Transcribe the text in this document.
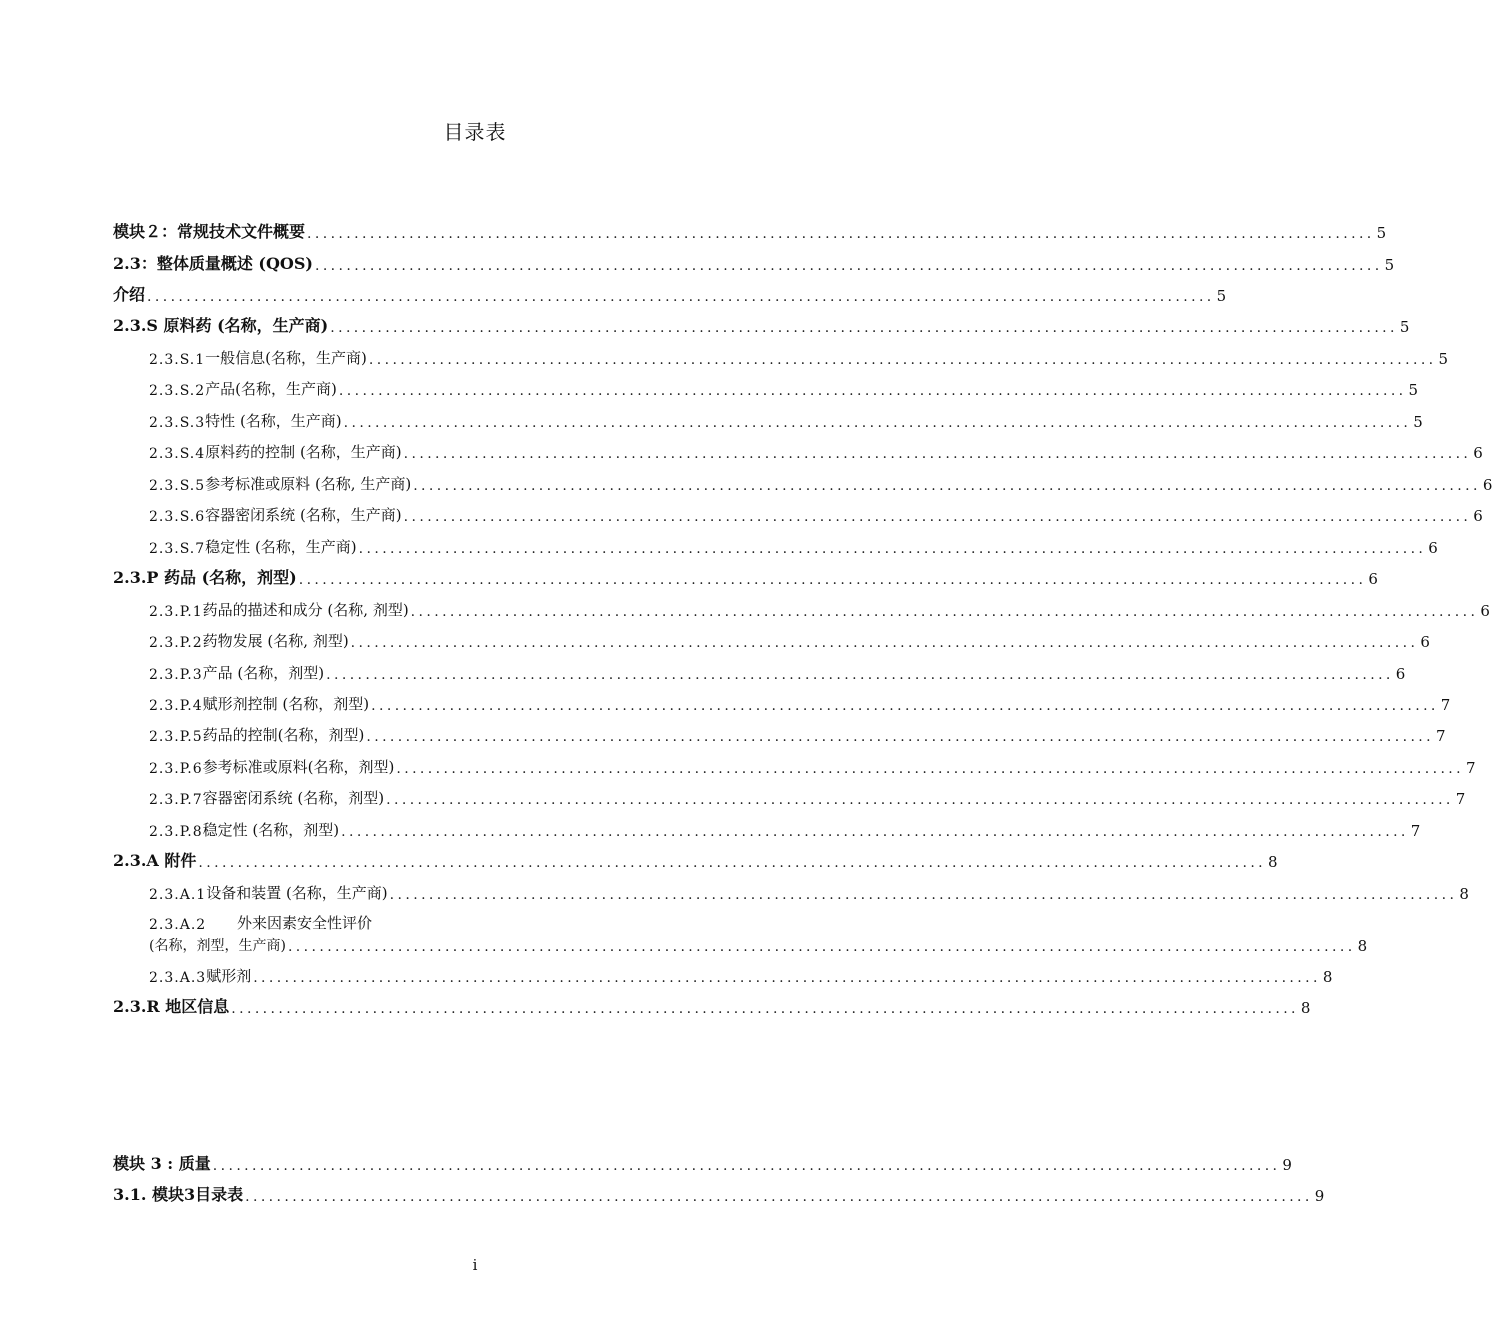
目录表
模块２：常规技术文件概要 ........................................................................................................................................ 5
2.3：整体质量概述 (QOS) ........................................................................................................................................ 5
介绍 ........................................................................................................................................ 5
2.3.S 原料药 (名称，生产商) ........................................................................................................................................ 5
2.3.S.1 一般信息(名称，生产商) ........................................................................................................................................ 5
2.3.S.2 产品(名称，生产商) ........................................................................................................................................ 5
2.3.S.3 特性 (名称，生产商) ........................................................................................................................................ 5
2.3.S.4 原料药的控制 (名称，生产商) ........................................................................................................................................ 6
2.3.S.5 参考标准或原料 (名称, 生产商) ........................................................................................................................................ 6
2.3.S.6 容器密闭系统 (名称，生产商) ........................................................................................................................................ 6
2.3.S.7 稳定性 (名称，生产商) ........................................................................................................................................ 6
2.3.P 药品 (名称，剂型) ........................................................................................................................................ 6
2.3.P.1 药品的描述和成分 (名称, 剂型) ........................................................................................................................................ 6
2.3.P.2 药物发展 (名称, 剂型) ........................................................................................................................................ 6
2.3.P.3 产品 (名称，剂型) ........................................................................................................................................ 6
2.3.P.4 赋形剂控制 (名称，剂型) ........................................................................................................................................ 7
2.3.P.5 药品的控制(名称，剂型) ........................................................................................................................................ 7
2.3.P.6 参考标准或原料(名称，剂型) ........................................................................................................................................ 7
2.3.P.7 容器密闭系统 (名称，剂型) ........................................................................................................................................ 7
2.3.P.8 稳定性 (名称，剂型) ........................................................................................................................................ 7
2.3.A 附件 ........................................................................................................................................ 8
2.3.A.1 设备和装置 (名称，生产商) ........................................................................................................................................ 8
2.3.A.2	外来因素安全性评价
(名称，剂型，生产商) ........................................................................................................................................ 8
2.3.A.3 赋形剂 ........................................................................................................................................ 8
2.3.R 地区信息 ........................................................................................................................................ 8
模块 3 : 质量 ........................................................................................................................................ 9
3.1. 模块3目录表 ........................................................................................................................................ 9
i
